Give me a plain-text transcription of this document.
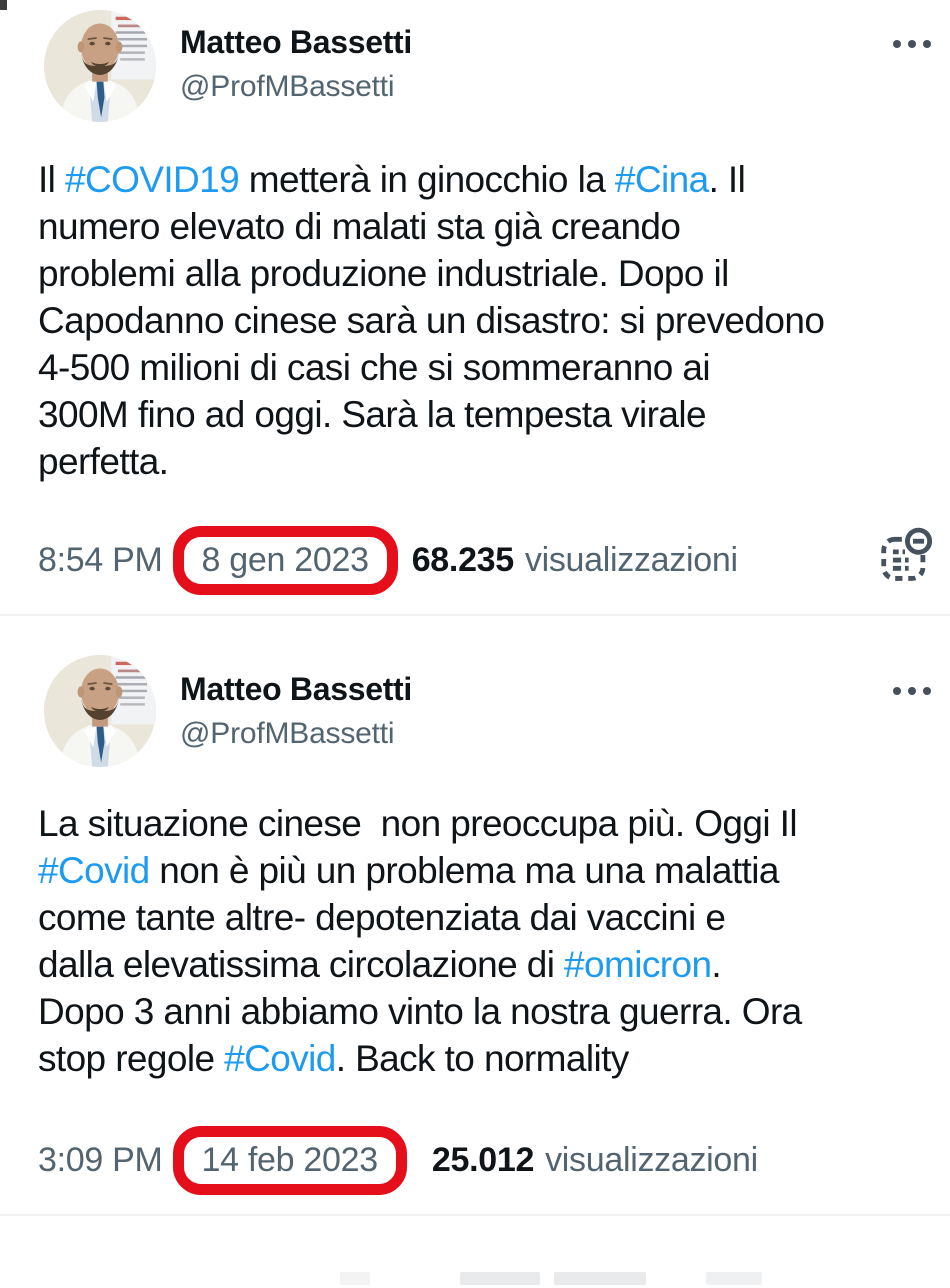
Matteo Bassetti
@ProfMBassetti
Il #COVID19 metterà in ginocchio la #Cina. Il
numero elevato di malati sta già creando
problemi alla produzione industriale. Dopo il
Capodanno cinese sarà un disastro: si prevedono
4-500 milioni di casi che si sommeranno ai
300M fino ad oggi. Sarà la tempesta virale
perfetta.
8:54 PM	8 gen 2023	68.235 visualizzazioni
Matteo Bassetti
@ProfMBassetti
La situazione cinese  non preoccupa più. Oggi Il
#Covid non è più un problema ma una malattia
come tante altre- depotenziata dai vaccini e
dalla elevatissima circolazione di #omicron.
Dopo 3 anni abbiamo vinto la nostra guerra. Ora
stop regole #Covid. Back to normality
3:09 PM	14 feb 2023 · 25.012 visualizzazioni
